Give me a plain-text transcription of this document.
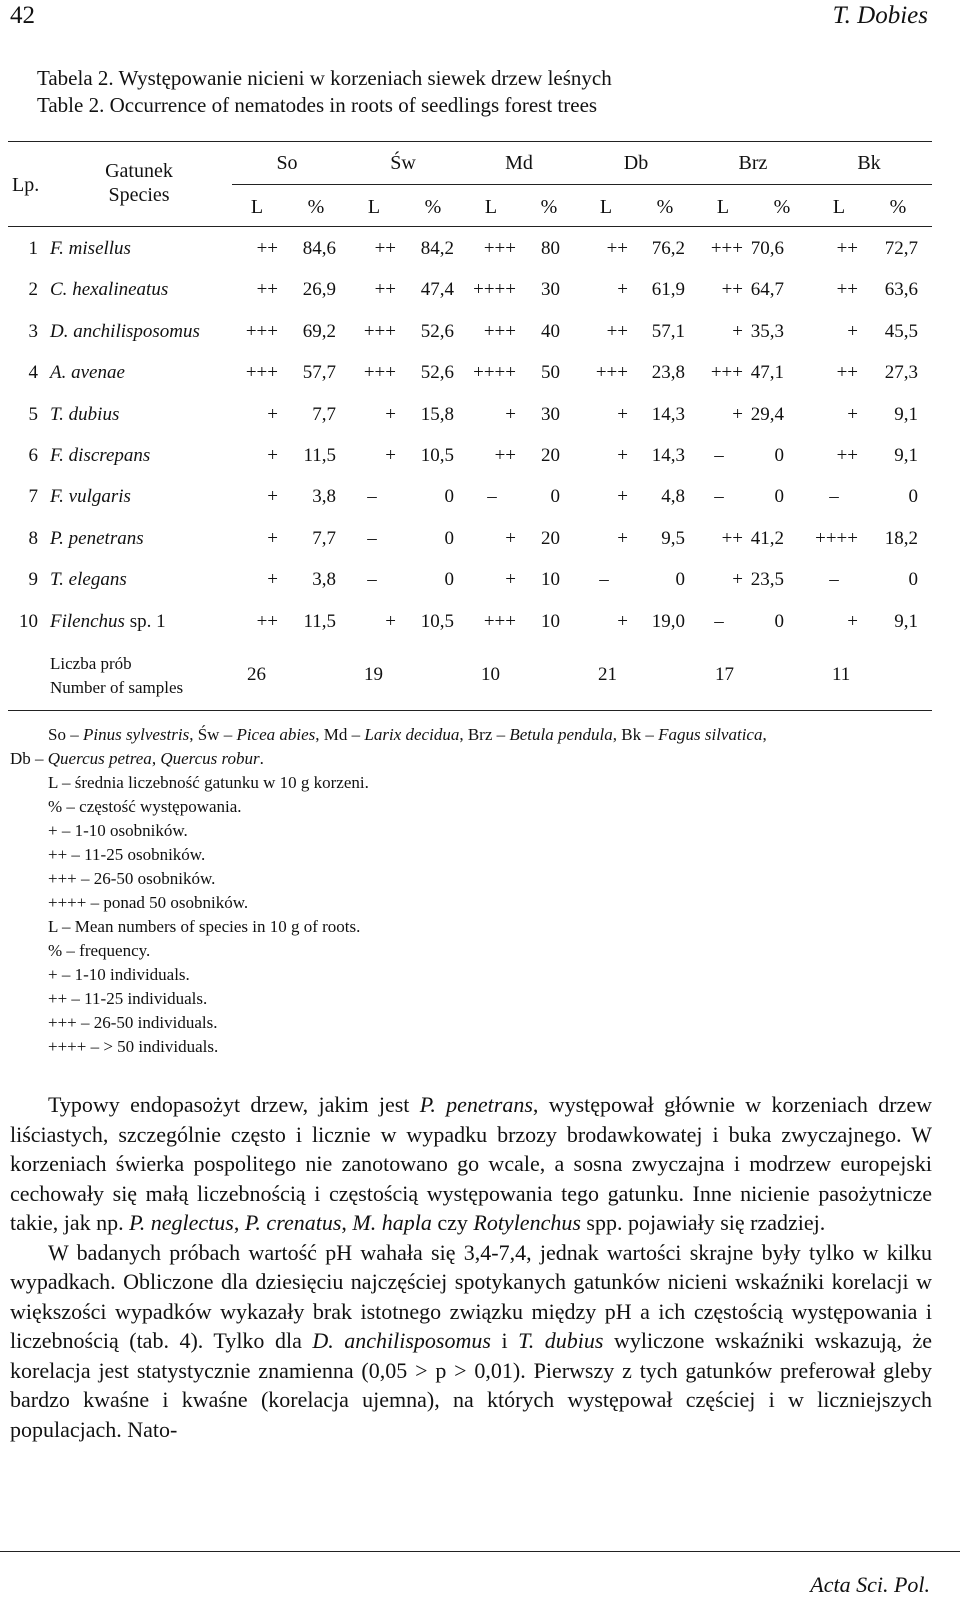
42	T. Dobies
Tabela 2. Występowanie nicieni w korzeniach siewek drzew leśnych
Table 2. Occurrence of nematodes in roots of seedlings forest trees
Lp.
Gatunek
Species
So	Św	Md	Db	Brz	Bk
L	%	L	%	L	%	L	%	L	%	L	%
1 F. misellus	++	84,6	++	84,2	+++	80	++	76,2	+++ 70,6	++	72,7
2 C. hexalineatus	++	26,9	++	47,4	++++	30	+	61,9	++ 64,7	++	63,6
3 D. anchilisposomus	+++	69,2	+++	52,6	+++	40	++	57,1	+ 35,3	+	45,5
4 A. avenae	+++	57,7	+++	52,6	++++	50	+++	23,8	+++ 47,1	++	27,3
5 T. dubius	+	7,7	+	15,8	+	30	+	14,3	+ 29,4	+	9,1
6 F. discrepans	+	11,5	+	10,5	++	20	+	14,3	–	0	++	9,1
7 F. vulgaris	+	3,8	–	0	–	0	+	4,8	–	0	–	0
8 P. penetrans	+	7,7	–	0	+	20	+	9,5	++ 41,2	++++	18,2
9 T. elegans	+	3,8	–	0	+	10	–	0	+ 23,5	–	0
10 Filenchus sp. 1	++	11,5	+	10,5	+++	10	+	19,0	–	0	+	9,1
Liczba prób
Number of samples
26	19	10	21	17	11
So – Pinus sylvestris, Św – Picea abies, Md – Larix decidua, Brz – Betula pendula, Bk – Fagus silvatica,
Db – Quercus petrea, Quercus robur.
L – średnia liczebność gatunku w 10 g korzeni.
% – częstość występowania.
+ – 1-10 osobników.
++ – 11-25 osobników.
+++ – 26-50 osobników.
++++ – ponad 50 osobników.
L – Mean numbers of species in 10 g of roots.
% – frequency.
+ – 1-10 individuals.
++ – 11-25 individuals.
+++ – 26-50 individuals.
++++ – > 50 individuals.

Typowy endopasożyt drzew, jakim jest P. penetrans, występował głównie w korzeniach drzew liściastych, szczególnie często i licznie w wypadku brzozy brodawkowatej i buka zwyczajnego. W korzeniach świerka pospolitego nie zanotowano go wcale, a sosna zwyczajna i modrzew europejski cechowały się małą liczebnością i częstością występowania tego gatunku. Inne nicienie pasożytnicze takie, jak np. P. neglectus, P. crenatus, M. hapla czy Rotylenchus spp. pojawiały się rzadziej.

W badanych próbach wartość pH wahała się 3,4-7,4, jednak wartości skrajne były tylko w kilku wypadkach. Obliczone dla dziesięciu najczęściej spotykanych gatunków nicieni wskaźniki korelacji w większości wypadków wykazały brak istotnego związku między pH a ich częstością występowania i liczebnością (tab. 4). Tylko dla D. anchilisposomus i T. dubius wyliczone wskaźniki wskazują, że korelacja jest statystycznie znamienna (0,05 > p > 0,01). Pierwszy z tych gatunków preferował gleby bardzo kwaśne i kwaśne (korelacja ujemna), na których występował częściej i w liczniejszych populacjach. Nato-

Acta Sci. Pol.
